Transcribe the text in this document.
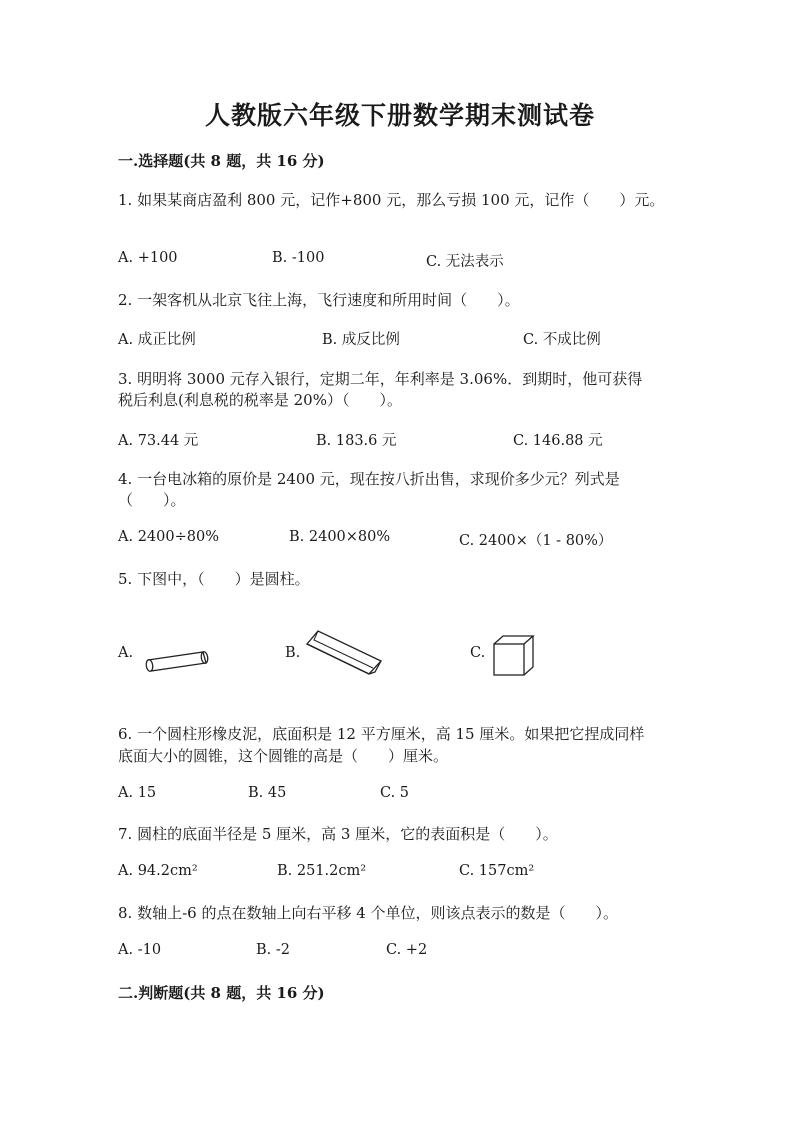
人教版六年级下册数学期末测试卷
一.选择题(共 8 题，共 16 分)
1. 如果某商店盈利 800 元，记作+800 元，那么亏损 100 元，记作（　　）元。
A. +100	B. -100	C. 无法表示
2. 一架客机从北京飞往上海，飞行速度和所用时间（　　）。
A. 成正比例	B. 成反比例	C. 不成比例
3. 明明将 3000 元存入银行，定期二年，年利率是 3.06%．到期时，他可获得
税后利息(利息税的税率是 20%）（　　）。
A. 73.44 元	B. 183.6 元	C. 146.88 元
4. 一台电冰箱的原价是 2400 元，现在按八折出售，求现价多少元？列式是
（　　）。
A. 2400÷80%	B. 2400×80%	C. 2400×（1 - 80%）
5. 下图中，（　　）是圆柱。
A.	B.	C.
6. 一个圆柱形橡皮泥，底面积是 12 平方厘米，高 15 厘米。如果把它捏成同样
底面大小的圆锥，这个圆锥的高是（　　）厘米。
A. 15	B. 45	C. 5
7. 圆柱的底面半径是 5 厘米，高 3 厘米，它的表面积是（　　）。
A. 94.2cm²	B. 251.2cm²	C. 157cm²
8. 数轴上-6 的点在数轴上向右平移 4 个单位，则该点表示的数是（　　）。
A. -10	B. -2	C. +2
二.判断题(共 8 题，共 16 分)
